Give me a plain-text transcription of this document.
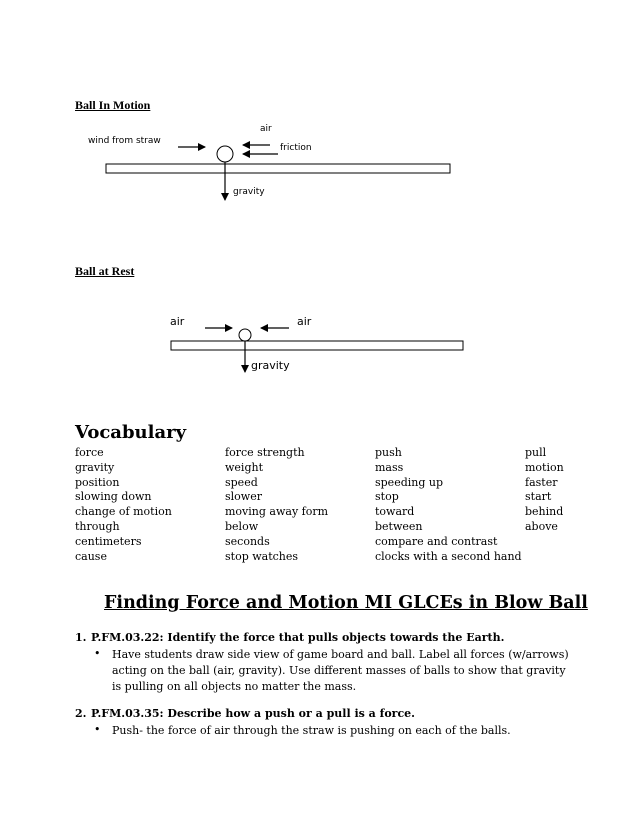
Ball In Motion
air
wind from straw
friction
gravity
Ball at Rest
air	air
gravity
Vocabulary
force
gravity
position
slowing down
change of motion
through
centimeters
cause
force strength
weight
speed
slower
moving away form
below
seconds
stop watches
push
mass
speeding up
stop
toward
between
compare and contrast
clocks with a second hand
pull
motion
faster
start
behind
above
Finding Force and Motion MI GLCEs in Blow Ball
1. P.FM.03.22: Identify the force that pulls objects towards the Earth.
• Have students draw side view of game board and ball. Label all forces (w/arrows) acting on the ball (air, gravity). Use different masses of balls to show that gravity is pulling on all objects no matter the mass.
2. P.FM.03.35: Describe how a push or a pull is a force.
• Push- the force of air through the straw is pushing on each of the balls.
